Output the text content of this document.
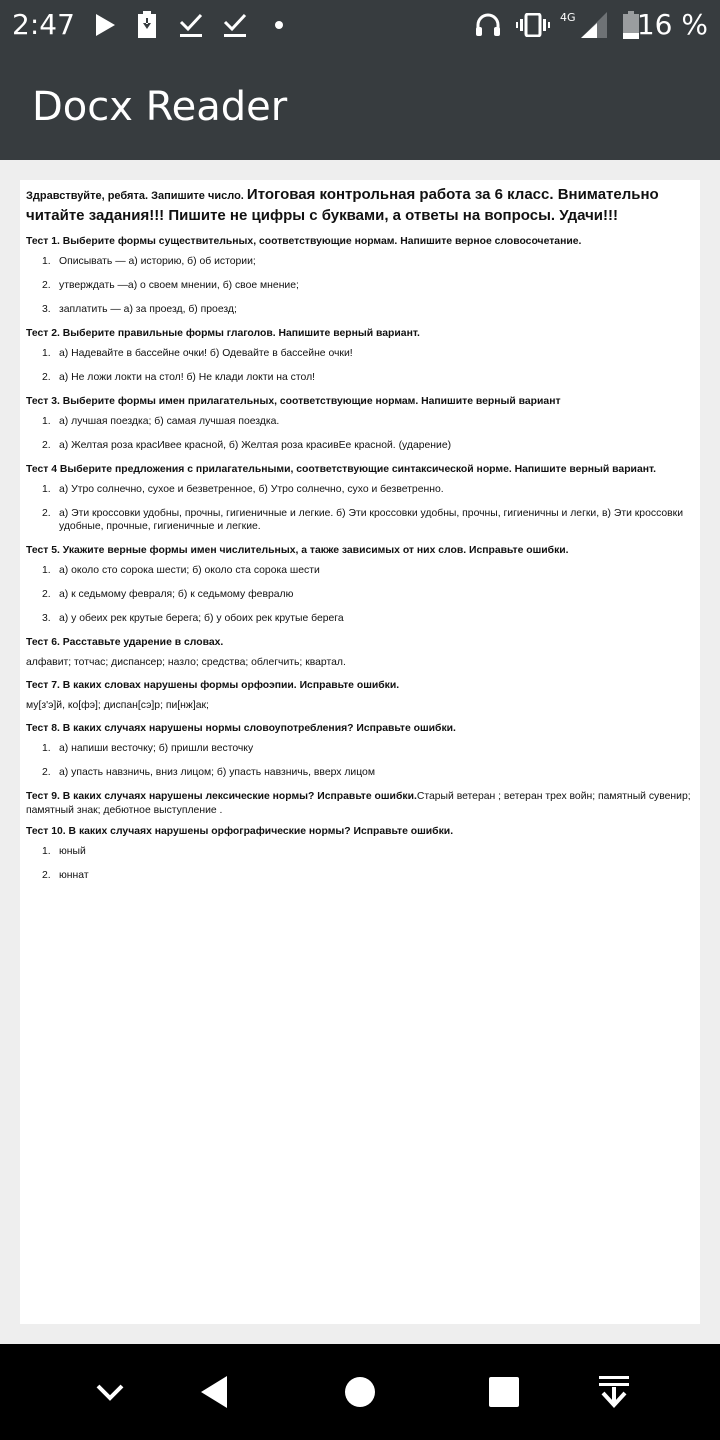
2:47	4G 16 %
Docx Reader
Здравствуйте, ребята. Запишите число. Итоговая контрольная работа за 6 класс. Внимательно читайте задания!!! Пишите не цифры с буквами, а ответы на вопросы. Удачи!!!
Тест 1. Выберите формы существительных, соответствующие нормам. Напишите верное словосочетание.
1. Описывать — а) историю, б) об истории;
2. утверждать —а) о своем мнении, б) свое мнение;
3. заплатить — а) за проезд, б) проезд;
Тест 2. Выберите правильные формы глаголов. Напишите верный вариант.
1. а) Надевайте в бассейне очки! б) Одевайте в бассейне очки!
2. а) Не ложи локти на стол! б) Не клади локти на стол!
Тест 3. Выберите формы имен прилагательных, соответствующие нормам. Напишите верный вариант
1. а) лучшая поездка; б) самая лучшая поездка.
2. а) Желтая роза красИвее красной, б) Желтая роза красивЕе красной. (ударение)
Тест 4 Выберите предложения с прилагательными, соответствующие синтаксической норме. Напишите верный вариант.
1. а) Утро солнечно, сухое и безветренное, б) Утро солнечно, сухо и безветренно.
2. а) Эти кроссовки удобны, прочны, гигиеничные и легкие. б) Эти кроссовки удобны, прочны, гигиеничны и легки, в) Эти кроссовки удобные, прочные, гигиеничные и легкие.
Тест 5. Укажите верные формы имен числительных, а также зависимых от них слов. Исправьте ошибки.
1. а) около сто сорока шести; б) около ста сорока шести
2. а) к седьмому февраля; б) к седьмому февралю
3. а) у обеих рек крутые берега; б) у обоих рек крутые берега
Тест 6. Расставьте ударение в словах.
алфавит; тотчас; диспансер; назло; средства; облегчить; квартал.
Тест 7. В каких словах нарушены формы орфоэпии. Исправьте ошибки.
му[з'э]й, ко[фэ]; диспан[сэ]р; пи[нж]ак;
Тест 8. В каких случаях нарушены нормы словоупотребления? Исправьте ошибки.
1. а) напиши весточку; б) пришли весточку
2. а) упасть навзничь, вниз лицом; б) упасть навзничь, вверх лицом
Тест 9. В каких случаях нарушены лексические нормы? Исправьте ошибки.Старый ветеран ; ветеран трех войн; памятный сувенир; памятный знак; дебютное выступление .
Тест 10. В каких случаях нарушены орфографические нормы? Исправьте ошибки.
1. юный
2. юннат
